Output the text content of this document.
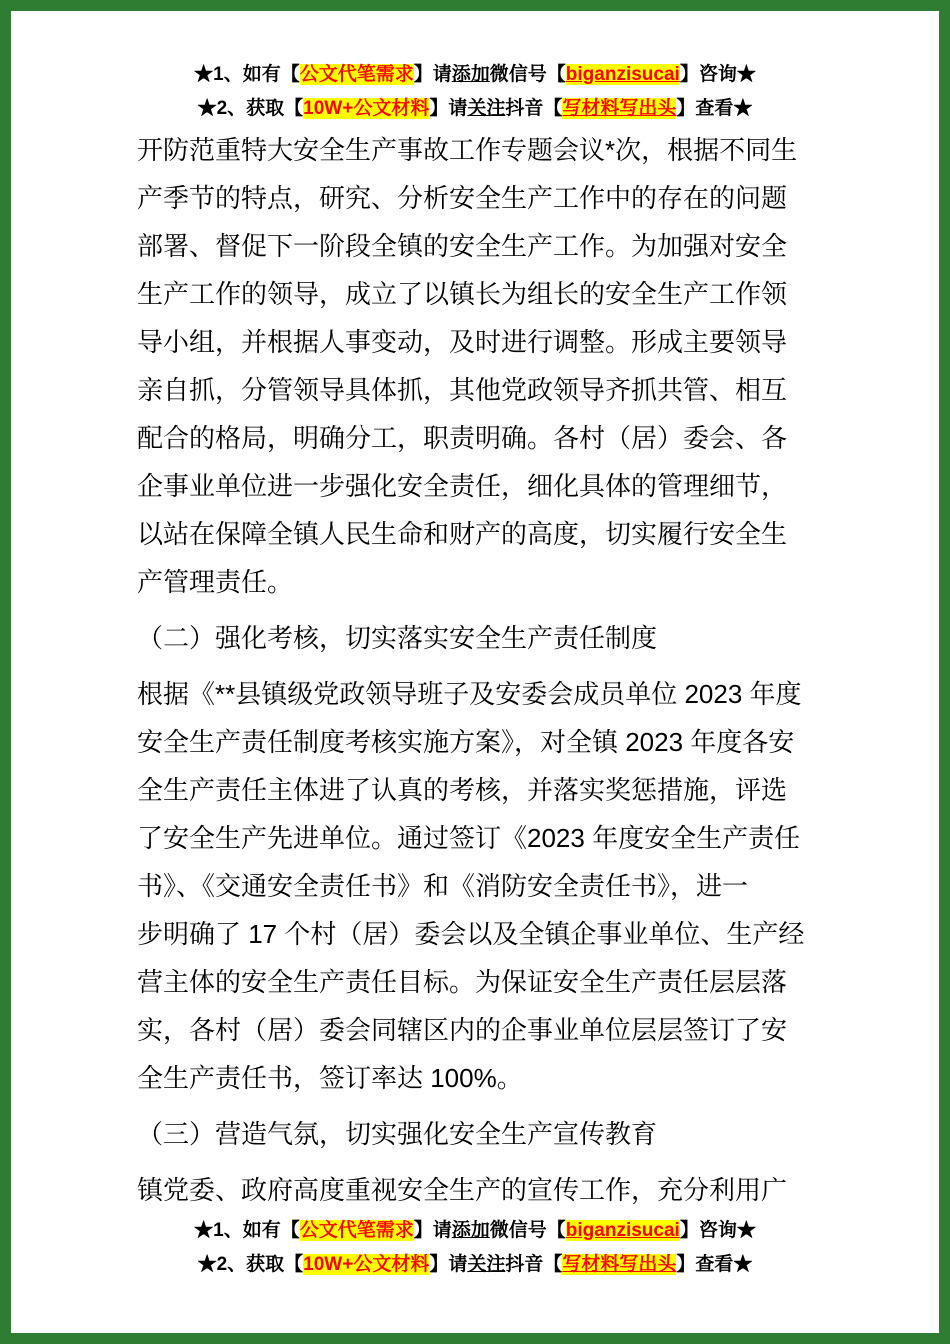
★1、如有【公文代笔需求】请添加微信号【biganzisucai】咨询★
★2、获取【10W+公文材料】请关注抖音【写材料写出头】查看★

开防范重特大安全生产事故工作专题会议*次，根据不同生

产季节的特点，研究、分析安全生产工作中的存在的问题

部署、督促下一阶段全镇的安全生产工作。为加强对安全

生产工作的领导，成立了以镇长为组长的安全生产工作领

导小组，并根据人事变动，及时进行调整。形成主要领导

亲自抓，分管领导具体抓，其他党政领导齐抓共管、相互

配合的格局，明确分工，职责明确。各村（居）委会、各

企事业单位进一步强化安全责任，细化具体的管理细节，

以站在保障全镇人民生命和财产的高度，切实履行安全生

产管理责任。

（二）强化考核，切实落实安全生产责任制度

根据《**县镇级党政领导班子及安委会成员单位 2023 年度

安全生产责任制度考核实施方案》，对全镇 2023 年度各安

全生产责任主体进了认真的考核，并落实奖惩措施，评选

了安全生产先进单位。通过签订《2023 年度安全生产责任

书》、《交通安全责任书》和《消防安全责任书》，进一

步明确了 17 个村（居）委会以及全镇企事业单位、生产经

营主体的安全生产责任目标。为保证安全生产责任层层落

实，各村（居）委会同辖区内的企事业单位层层签订了安

全生产责任书，签订率达 100%。

（三）营造气氛，切实强化安全生产宣传教育

镇党委、政府高度重视安全生产的宣传工作，充分利用广

★1、如有【公文代笔需求】请添加微信号【biganzisucai】咨询★
★2、获取【10W+公文材料】请关注抖音【写材料写出头】查看★
